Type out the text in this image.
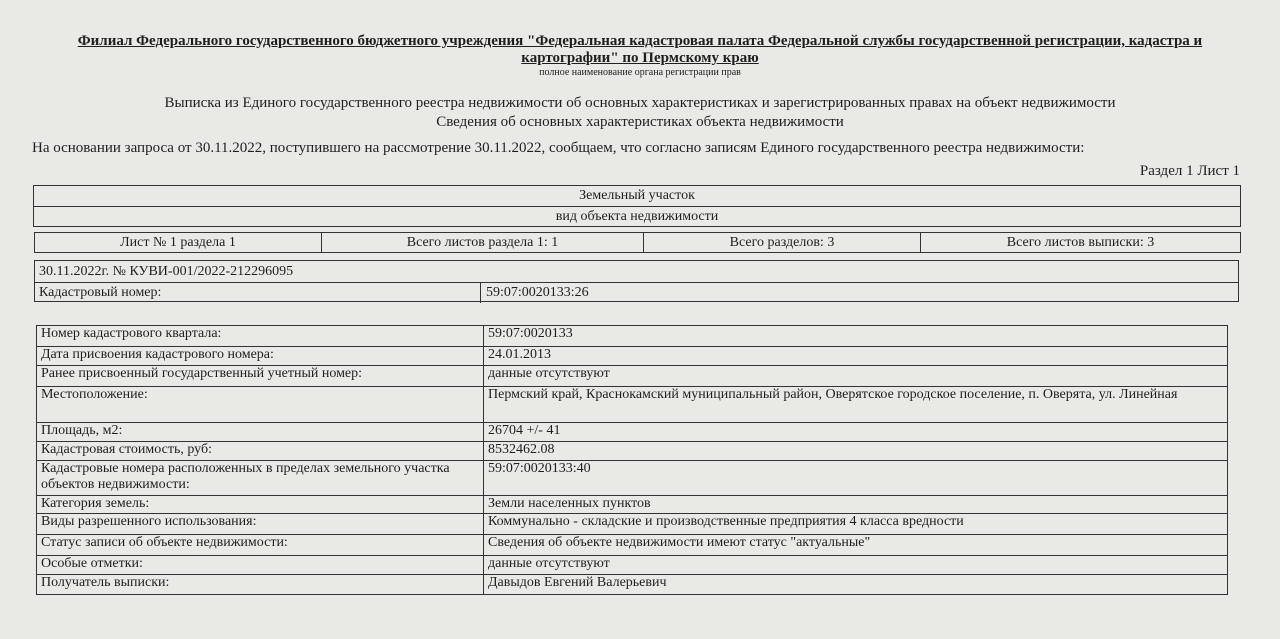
Филиал Федерального государственного бюджетного учреждения "Федеральная кадастровая палата Федеральной службы государственной регистрации, кадастра и картографии" по Пермскому краю
полное наименование органа регистрации прав
Выписка из Единого государственного реестра недвижимости об основных характеристиках и зарегистрированных правах на объект недвижимости
Сведения об основных характеристиках объекта недвижимости
На основании запроса от 30.11.2022, поступившего на рассмотрение 30.11.2022, сообщаем, что согласно записям Единого государственного реестра недвижимости:
Раздел 1 Лист 1
Земельный участок
вид объекта недвижимости
Лист № 1 раздела 1	Всего листов раздела 1: 1	Всего разделов: 3	Всего листов выписки: 3
30.11.2022г. № КУВИ-001/2022-212296095
Кадастровый номер:	59:07:0020133:26
Номер кадастрового квартала:	59:07:0020133
Дата присвоения кадастрового номера:	24.01.2013
Ранее присвоенный государственный учетный номер:	данные отсутствуют
Местоположение:	Пермский край, Краснокамский муниципальный район, Оверятское городское поселение, п. Оверята, ул. Линейная
Площадь, м2:	26704 +/- 41
Кадастровая стоимость, руб:	8532462.08
Кадастровые номера расположенных в пределах земельного участка объектов недвижимости:	59:07:0020133:40
Категория земель:	Земли населенных пунктов
Виды разрешенного использования:	Коммунально - складские и производственные предприятия 4 класса вредности
Статус записи об объекте недвижимости:	Сведения об объекте недвижимости имеют статус "актуальные"
Особые отметки:	данные отсутствуют
Получатель выписки:	Давыдов Евгений Валерьевич
